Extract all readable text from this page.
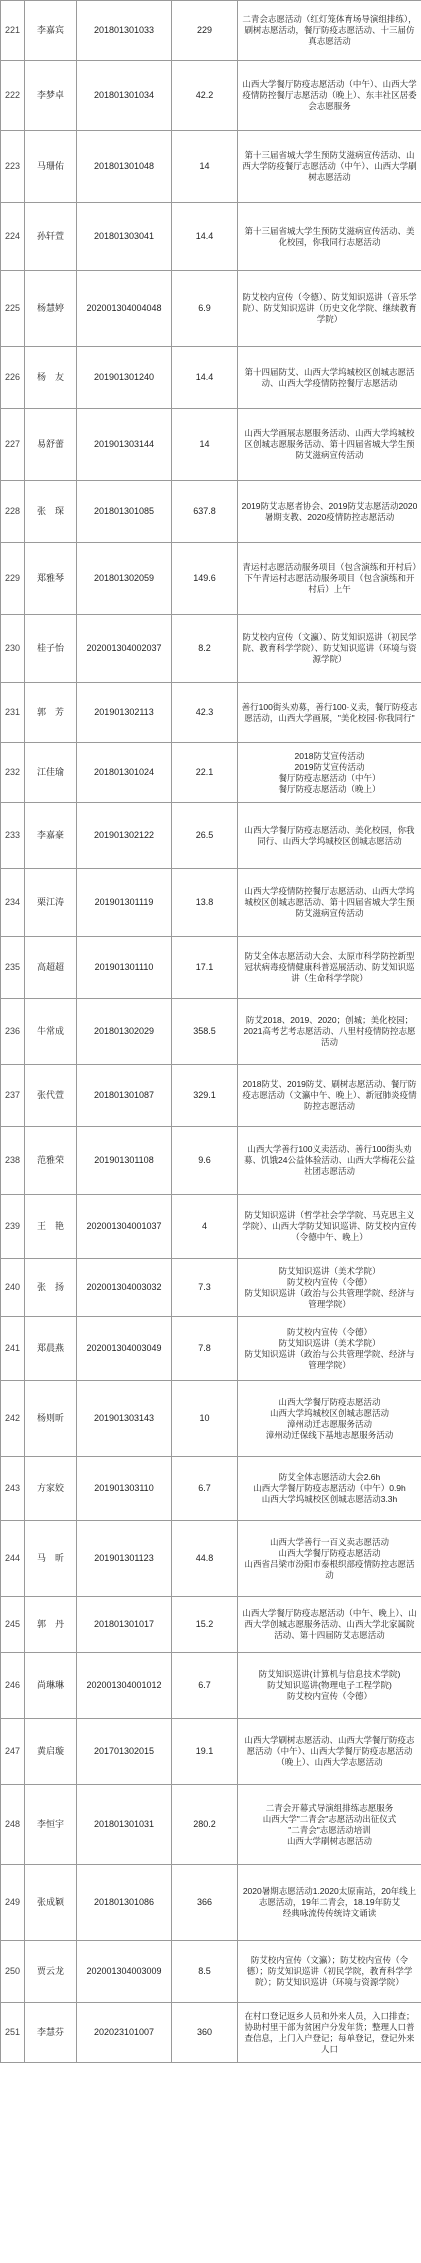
221	李嘉宾	201801301033	229	二青会志愿活动（红灯笼体育场导演组排练），刷树志愿活动，餐厅防疫志愿活动、十三届仿真志愿活动
222	李梦卓	201801301034	42.2	山西大学餐厅防疫志愿活动（中午）、山西大学疫情防控餐厅志愿活动（晚上）、东丰社区居委会志愿服务
223	马珊佑	201801301048	14	第十三届省城大学生预防艾滋病宣传活动、山西大学防疫餐厅志愿活动（中午）、山西大学刷树志愿活动
224	孙轩萱	201801303041	14.4	第十三届省城大学生预防艾滋病宣传活动、美化校园，你我同行志愿活动
225	杨慧婷	202001304004048	6.9	防艾校内宣传（令德）、防艾知识巡讲（音乐学院）、防艾知识巡讲（历史文化学院、继续教育学院）
226	杨　友	201901301240	14.4	第十四届防艾、山西大学坞城校区创城志愿活动、山西大学疫情防控餐厅志愿活动
227	易舒蕾	201901303144	14	山西大学画展志愿服务活动、山西大学坞城校区创城志愿服务活动、第十四届省城大学生预防艾滋病宣传活动
228	张　琛	201801301085	637.8	2019防艾志愿者协会、2019防艾志愿活动2020暑期支教、2020疫情防控志愿活动
229	郑雅琴	201801302059	149.6	青运村志愿活动服务项目（包含演练和开村后）下午青运村志愿活动服务项目（包含演练和开村后）上午
230	桂子怡	202001304002037	8.2	防艾校内宣传（文瀛）、防艾知识巡讲（初民学院、教育科学学院）、防艾知识巡讲（环境与资源学院）
231	郭　芳	201901302113	42.3	善行100街头劝募，善行100·义卖，餐厅防疫志愿活动，山西大学画展，"美化校园·你我同行"
232	江佳瑜	201801301024	22.1	2018防艾宣传活动
2019防艾宣传活动
餐厅防疫志愿活动（中午）
餐厅防疫志愿活动（晚上）
233	李嘉豪	201901302122	26.5	山西大学餐厅防疫志愿活动、美化校园，你我同行、山西大学坞城校区创城志愿活动
234	栗江涛	201901301119	13.8	山西大学疫情防控餐厅志愿活动、山西大学坞城校区创城志愿活动、第十四届省城大学生预防艾滋病宣传活动
235	高超超	201901301110	17.1	防艾全体志愿活动大会、太原市科学防控新型冠状病毒疫情健康科普巡展活动、防艾知识巡讲（生命科学学院）
236	牛常成	201801302029	358.5	防艾2018、2019、2020；创城；美化校园；2021高考艺考志愿活动、八里村疫情防控志愿活动
237	张代萱	201801301087	329.1	2018防艾、2019防艾、刷树志愿活动、餐厅防疫志愿活动（文瀛中午、晚上）、新冠肺炎疫情防控志愿活动
238	范雅荣	201901301108	9.6	山西大学善行100义卖活动、善行100街头劝募、饥饿24公益体验活动、山西大学梅花公益社团志愿活动
239	王　艳	202001304001037	4	防艾知识巡讲（哲学社会学学院、马克思主义学院）、山西大学防艾知识巡讲、防艾校内宣传（令德中午、晚上）
240	张　扬	202001304003032	7.3	防艾知识巡讲（美术学院）
防艾校内宣传（令德）
防艾知识巡讲（政治与公共管理学院、经济与管理学院）
241	郑晨燕	202001304003049	7.8	防艾校内宣传（令德）
防艾知识巡讲（美术学院）
防艾知识巡讲（政治与公共管理学院、经济与管理学院）
242	杨则昕	201901303143	10	山西大学餐厅防疫志愿活动
山西大学坞城校区创城志愿活动
漳州动迁志愿服务活动
漳州动迁保线下基地志愿服务活动
243	方家姣	201901303110	6.7	防艾全体志愿活动大会2.6h
山西大学餐厅防疫志愿活动（中午）0.9h
山西大学坞城校区创城志愿活动3.3h
244	马　昕	201901301123	44.8	山西大学善行一百义卖志愿活动
山西大学餐厅防疫志愿活动
山西省吕梁市汾阳市泰根织部疫情防控志愿活动
245	郭　丹	201801301017	15.2	山西大学餐厅防疫志愿活动（中午、晚上）、山西大学创城志愿服务活动、山西大学北家属院活动、第十四届防艾志愿活动
246	尚琳琳	202001304001012	6.7	防艾知识巡讲(计算机与信息技术学院)
防艾知识巡讲(物理电子工程学院)
防艾校内宣传（令德）
247	黄启璇	201701302015	19.1	山西大学刷树志愿活动、山西大学餐厅防疫志愿活动（中午）、山西大学餐厅防疫志愿活动（晚上）、山西大学志愿活动
248	李恒宇	201801301031	280.2	二青会开幕式导演组排练志愿服务
山西大学"二青会"志愿活动出征仪式
"二青会"志愿活动培训
山西大学刷树志愿活动
249	张成颖	201801301086	366	2020暑期志愿活动1.2020太原南站，20年线上志愿活动，19年二青会，18.19年防艾
经典咏流传传统诗文诵读
250	贾云龙	202001304003009	8.5	防艾校内宣传（文瀛）；防艾校内宣传（令德）；防艾知识巡讲（初民学院，教育科学学院）；防艾知识巡讲（环境与资源学院）
251	李慧芬	202023101007	360	在村口登记返乡人员和外来人员，入口排查；协助村里干部为贫困户分发年货；整理人口普查信息，上门入户登记；每单登记，登记外来人口
